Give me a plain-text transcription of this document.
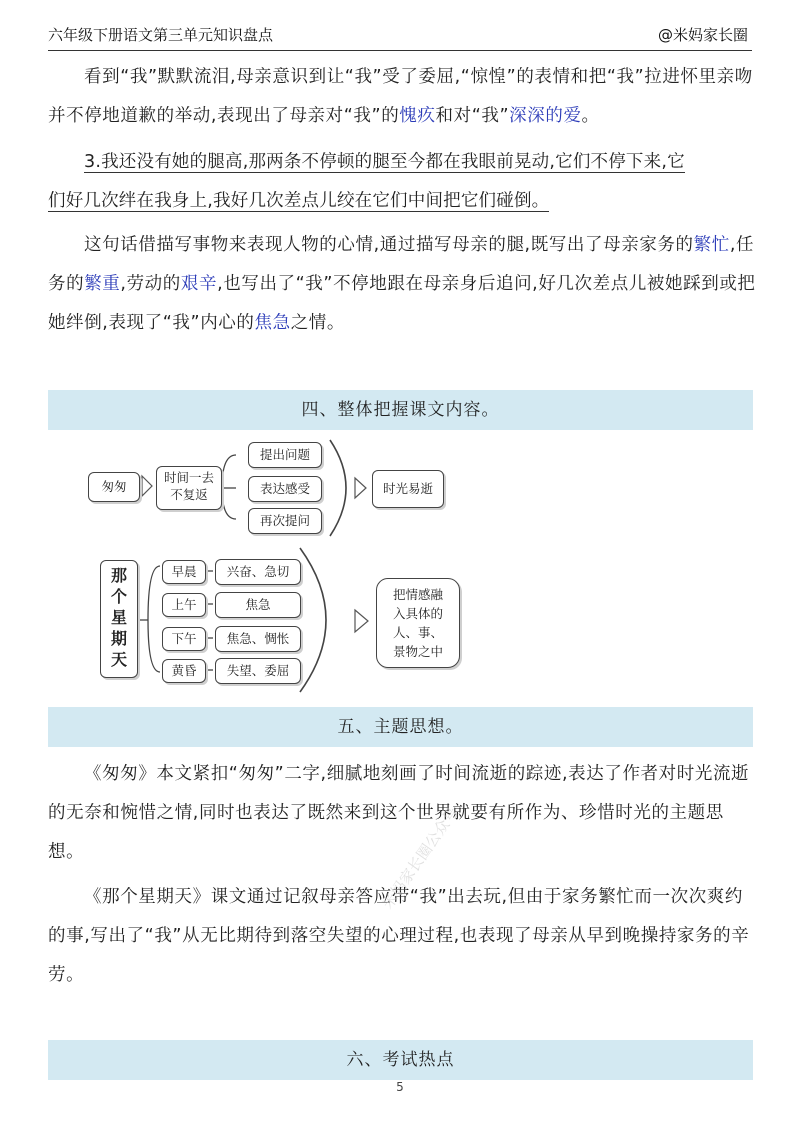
六年级下册语文第三单元知识盘点	@米妈家长圈

看到“我”默默流泪,母亲意识到让“我”受了委屈,“惊惶”的表情和把“我”拉进怀里亲吻并不停地道歉的举动,表现出了母亲对“我”的愧疚和对“我”深深的爱。

3.我还没有她的腿高,那两条不停顿的腿至今都在我眼前晃动,它们不停下来,它
们好几次绊在我身上,我好几次差点儿绞在它们中间把它们碰倒。

这句话借描写事物来表现人物的心情,通过描写母亲的腿,既写出了母亲家务的繁忙,任务的繁重,劳动的艰辛,也写出了“我”不停地跟在母亲身后追问,好几次差点儿被她踩到或把她绊倒,表现了“我”内心的焦急之情。

四、整体把握课文内容。
匆匆
时间一去
不复返
提出问题
表达感受
再次提问
时光易逝
那
个
星
期
天
早晨
上午
下午
黄昏
兴奋、急切
焦急
焦急、惆怅
失望、委屈
把情感融
入具体的
人、事、
景物之中
五、主题思想。

《匆匆》本文紧扣“匆匆”二字,细腻地刻画了时间流逝的踪迹,表达了作者对时光流逝的无奈和惋惜之情,同时也表达了既然来到这个世界就要有所作为、珍惜时光的主题思想。

《那个星期天》课文通过记叙母亲答应带“我”出去玩,但由于家务繁忙而一次次爽约的事,写出了“我”从无比期待到落空失望的心理过程,也表现了母亲从早到晚操持家务的辛劳。

六、考试热点
5
米妈家长圈公众号
